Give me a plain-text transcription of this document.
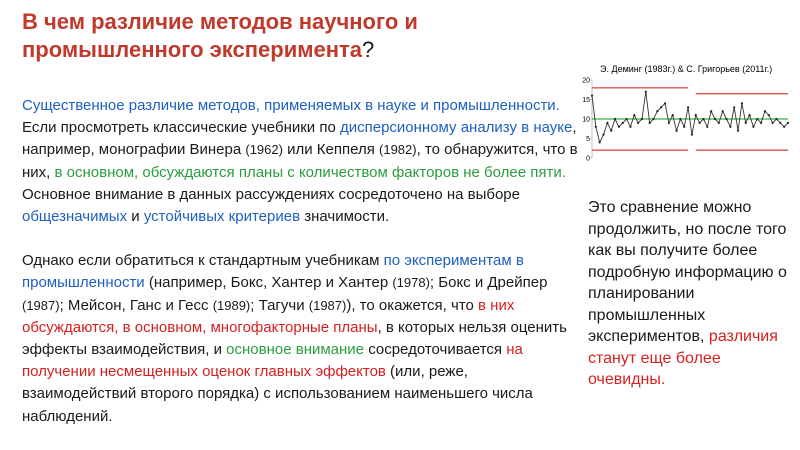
В чем различие методов научного и промышленного эксперимента?

Существенное различие методов, применяемых в науке и промышленности. Если просмотреть классические учебники по дисперсионному анализу в науке, например, монографии Винера (1962) или Кеппеля (1982), то обнаружится, что в них, в основном, обсуждаются планы с количеством факторов не более пяти. Основное внимание в данных рассуждениях сосредоточено на выборе общезначимых и устойчивых критериев значимости.

Однако если обратиться к стандартным учебникам по экспериментам в промышленности (например, Бокс, Хантер и Хантер (1978); Бокс и Дрейпер (1987); Мейсон, Ганс и Гесс (1989); Тагучи (1987)), то окажется, что в них обсуждаются, в основном, многофакторные планы, в которых нельзя оценить эффекты взаимодействия, и основное внимание сосредоточивается на получении несмещенных оценок главных эффектов (или, реже, взаимодействий второго порядка) с использованием наименьшего числа наблюдений.

Э. Деминг (1983г.) & С. Григорьев (2011г.)
20
15
10
5
0
Это сравнение можно продолжить, но после того как вы получите более подробную информацию о планировании промышленных экспериментов, различия станут еще более очевидны.
